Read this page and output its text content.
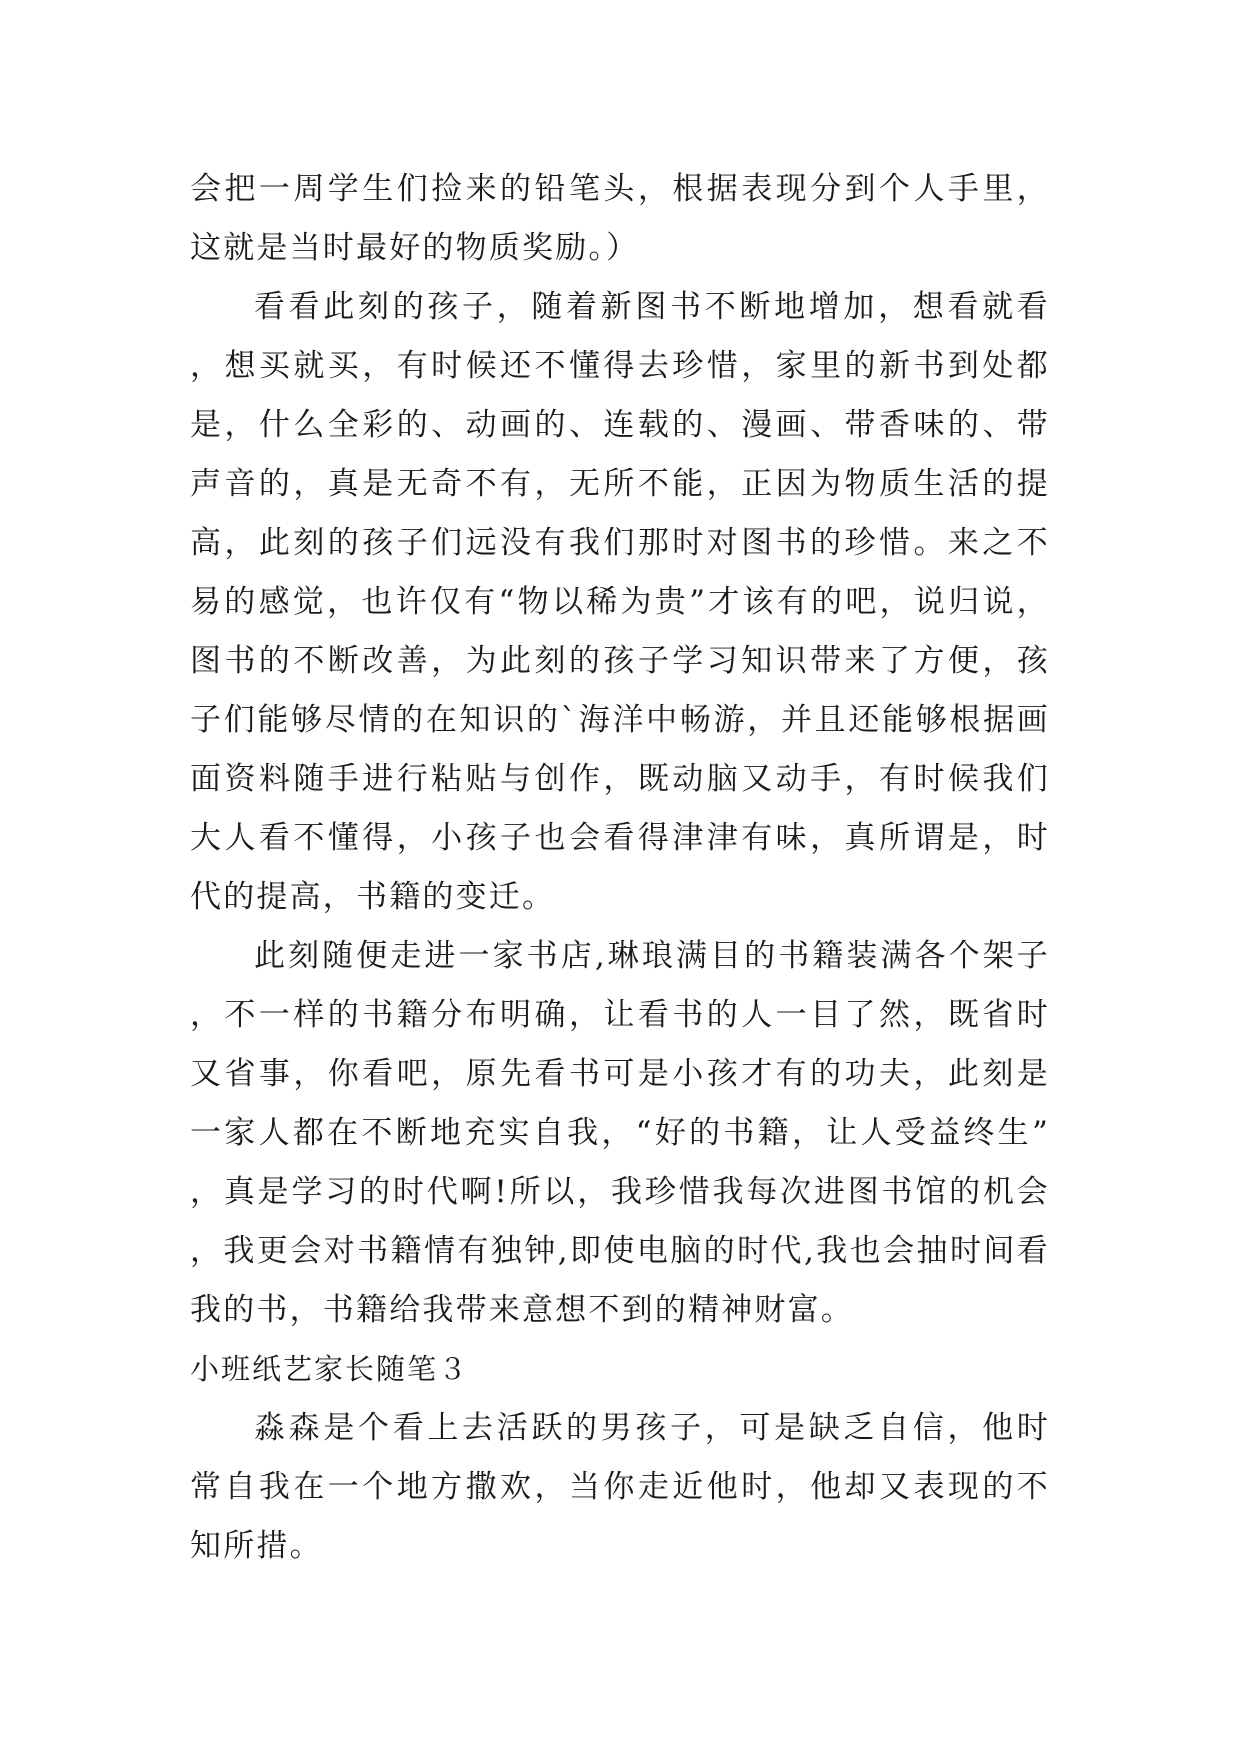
会把一周学生们捡来的铅笔头，根据表现分到个人手里，这就是当时最好的物质奖励。）

看看此刻的孩子，随着新图书不断地增加，想看就看，想买就买，有时候还不懂得去珍惜，家里的新书到处都是，什么全彩的、动画的、连载的、漫画、带香味的、带声音的，真是无奇不有，无所不能，正因为物质生活的提高，此刻的孩子们远没有我们那时对图书的珍惜。来之不易的感觉，也许仅有“物以稀为贵”才该有的吧，说归说，图书的不断改善，为此刻的孩子学习知识带来了方便，孩子们能够尽情的在知识的`海洋中畅游，并且还能够根据画面资料随手进行粘贴与创作，既动脑又动手，有时候我们大人看不懂得，小孩子也会看得津津有味，真所谓是，时代的提高，书籍的变迁。

此刻随便走进一家书店,琳琅满目的书籍装满各个架子，不一样的书籍分布明确，让看书的人一目了然，既省时又省事，你看吧，原先看书可是小孩才有的功夫，此刻是一家人都在不断地充实自我，“好的书籍，让人受益终生”，真是学习的时代啊!所以，我珍惜我每次进图书馆的机会，我更会对书籍情有独钟,即使电脑的时代,我也会抽时间看我的书，书籍给我带来意想不到的精神财富。

小班纸艺家长随笔３

淼森是个看上去活跃的男孩子，可是缺乏自信，他时常自我在一个地方撒欢，当你走近他时，他却又表现的不知所措。
